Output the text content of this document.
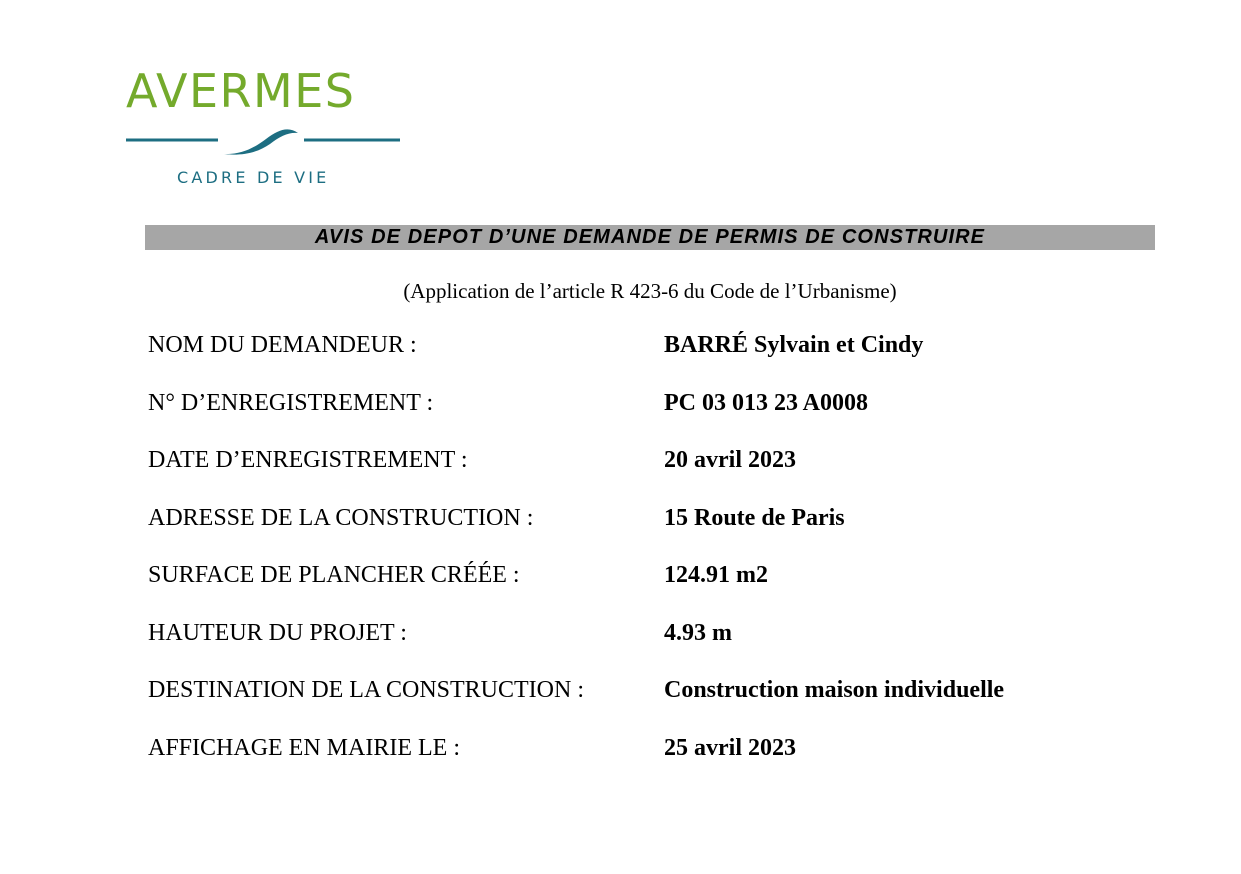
AVERMES
CADRE DE VIE
AVIS DE DEPOT D’UNE DEMANDE DE PERMIS DE CONSTRUIRE
(Application de l’article R 423-6 du Code de l’Urbanisme)
NOM DU DEMANDEUR :	BARRÉ Sylvain et Cindy
N° D’ENREGISTREMENT :	PC 03 013 23 A0008
DATE D’ENREGISTREMENT :	20 avril 2023
ADRESSE DE LA CONSTRUCTION :	15 Route de Paris
SURFACE DE PLANCHER CRÉÉE :	124.91 m2
HAUTEUR DU PROJET :	4.93 m
DESTINATION DE LA CONSTRUCTION :	Construction maison individuelle
AFFICHAGE EN MAIRIE LE :	25 avril 2023
